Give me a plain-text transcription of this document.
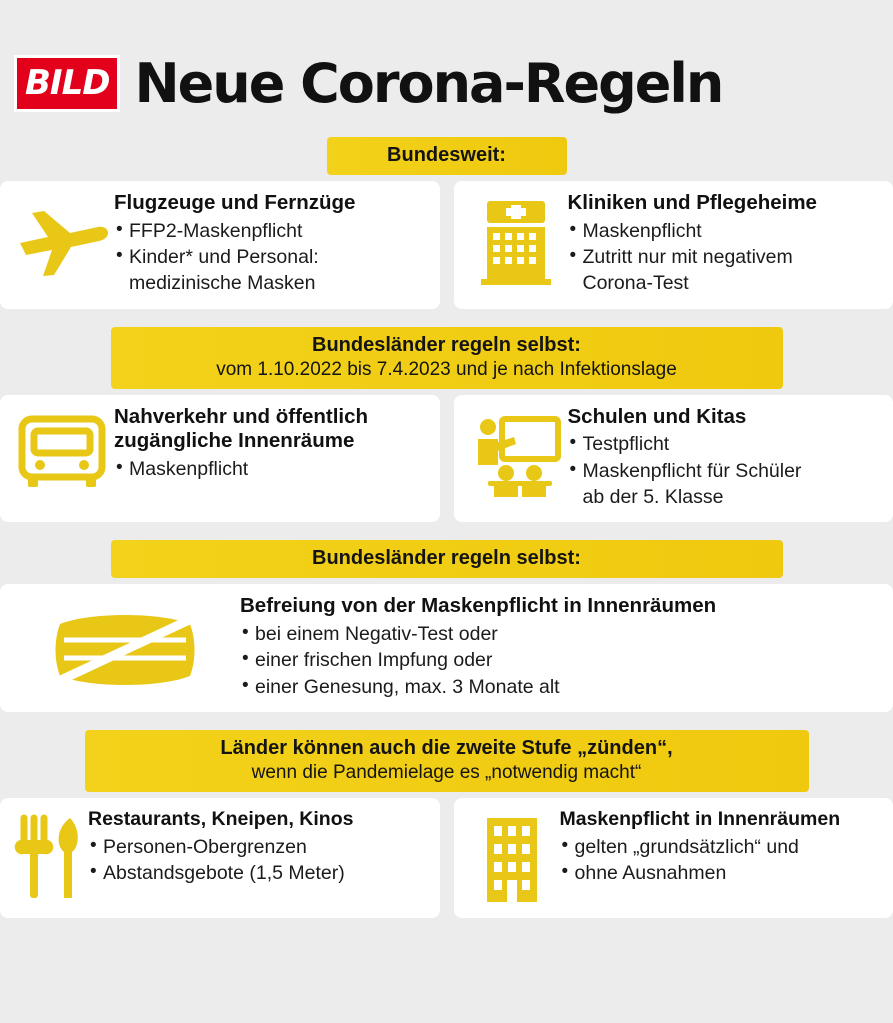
BILD Neue Corona-Regeln
Bundesweit:
Flugzeuge und Fernzüge
• FFP2-Maskenpflicht
• Kinder* und Personal:
medizinische Masken
Kliniken und Pflegeheime
• Maskenpflicht
• Zutritt nur mit negativem
Corona-Test
Bundesländer regeln selbst:
vom 1.10.2022 bis 7.4.2023 und je nach Infektionslage
Nahverkehr und öffentlich zugängliche Innenräume
• Maskenpflicht
Schulen und Kitas
• Testpflicht
• Maskenpflicht für Schüler
ab der 5. Klasse
Bundesländer regeln selbst:
Befreiung von der Maskenpflicht in Innenräumen
• bei einem Negativ-Test oder
• einer frischen Impfung oder
• einer Genesung, max. 3 Monate alt
Länder können auch die zweite Stufe „zünden“,
wenn die Pandemielage es „notwendig macht“
Restaurants, Kneipen, Kinos
• Personen-Obergrenzen
• Abstandsgebote (1,5 Meter)
Maskenpflicht in Innenräumen
• gelten „grundsätzlich“ und
• ohne Ausnahmen
